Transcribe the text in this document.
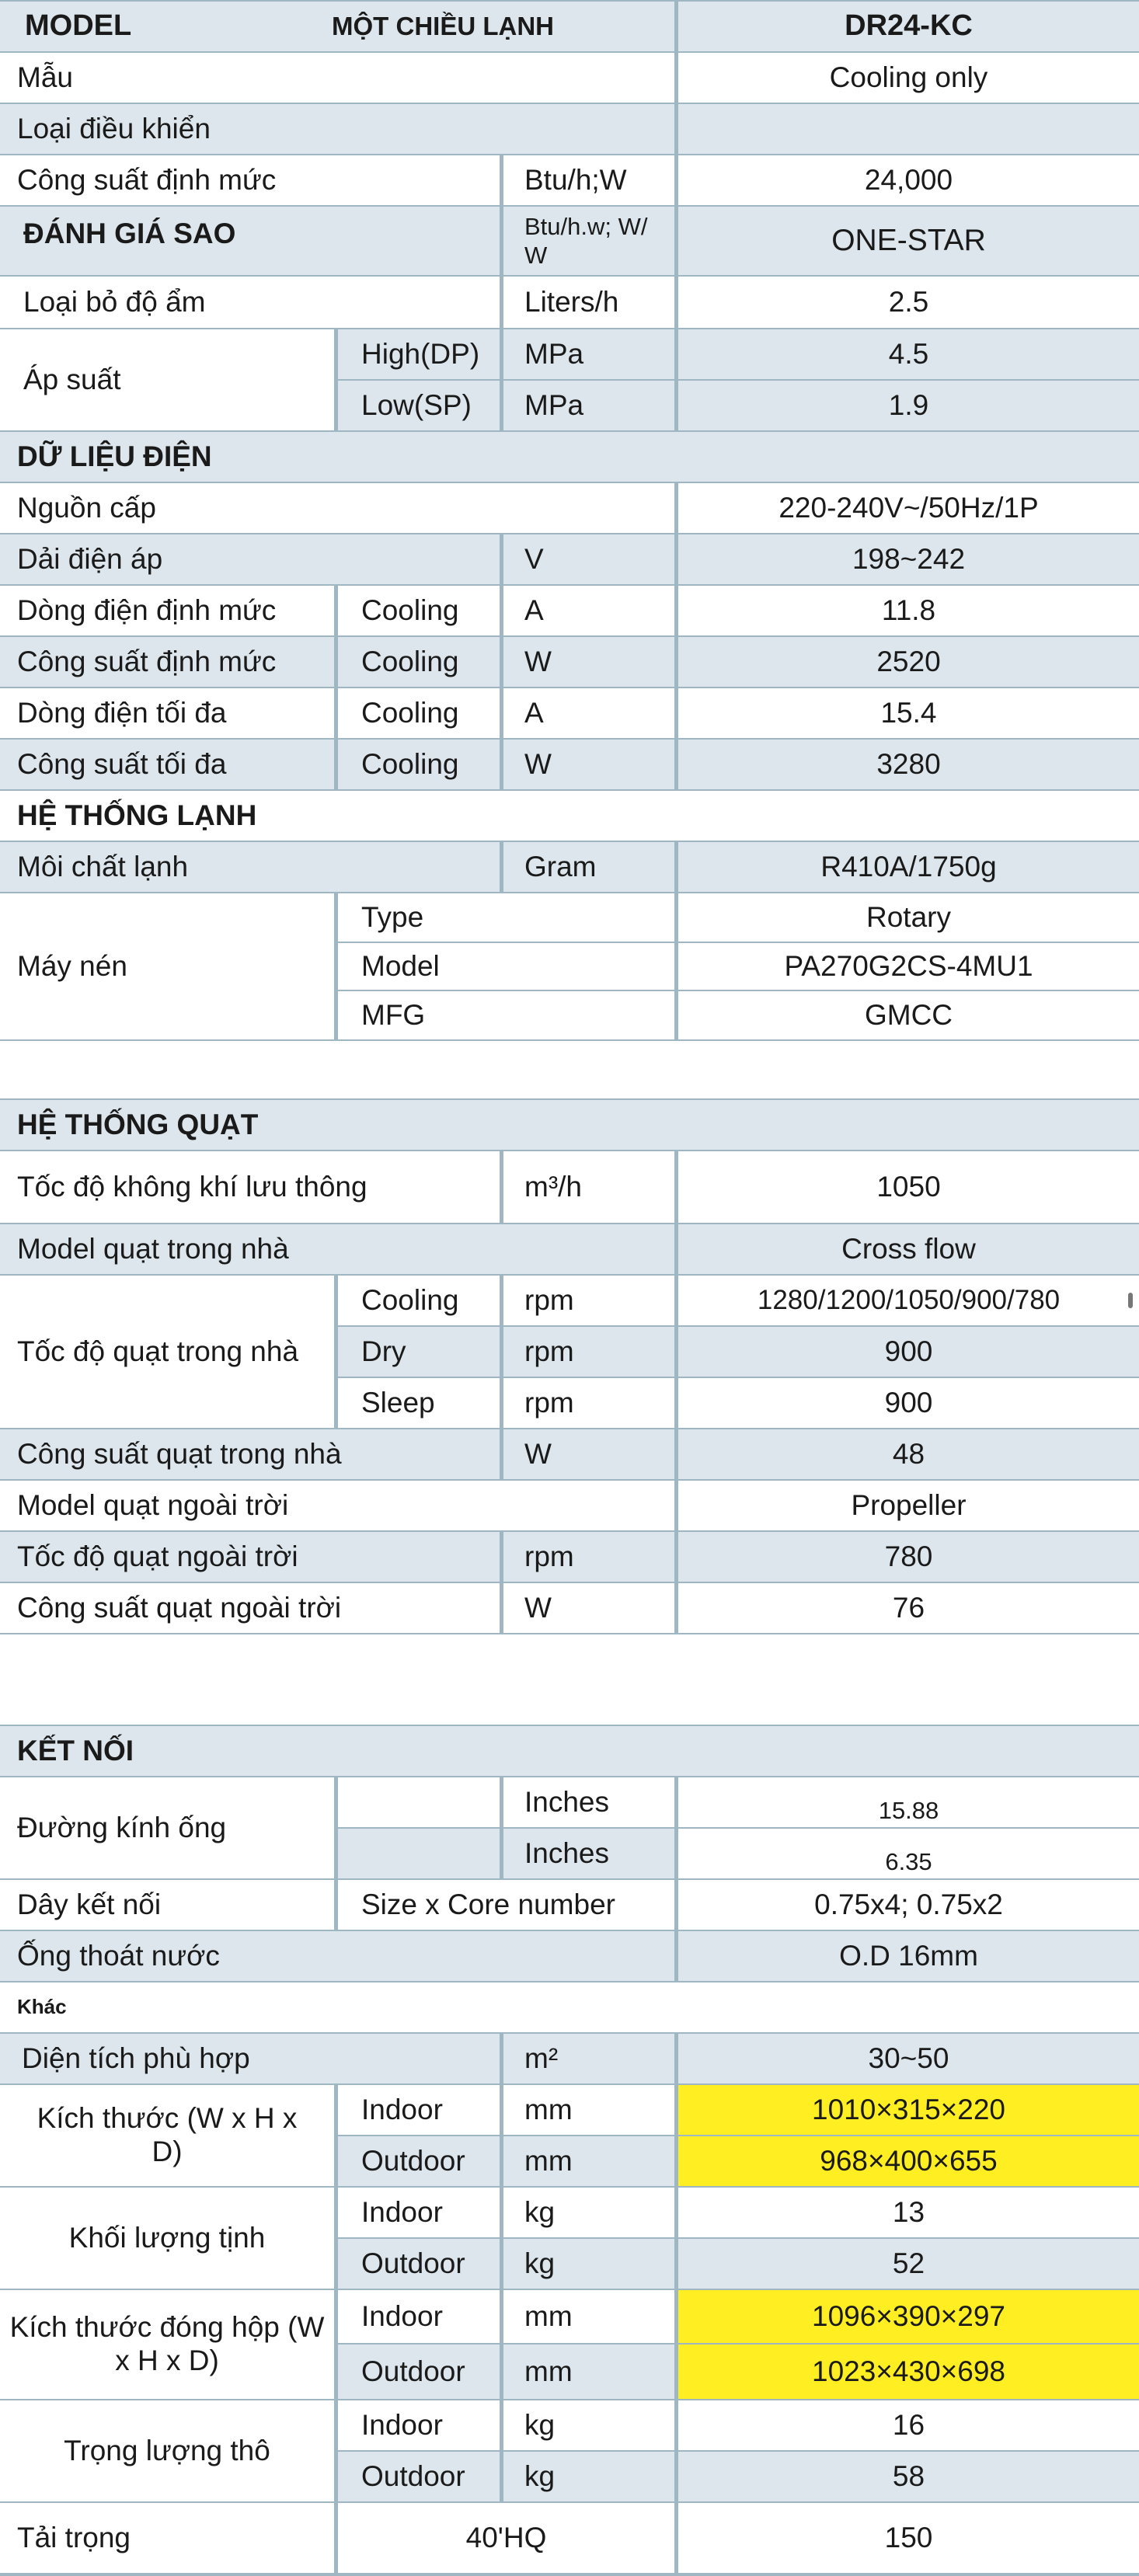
MODEL	MỘT CHIỀU LẠNH	DR24-KC
Mẫu	Cooling only
Loại điều khiển
Công suất định mức	Btu/h;W	24,000
ĐÁNH GIÁ SAO	Btu/h.w; W/ W	ONE-STAR
Loại bỏ độ ẩm	Liters/h	2.5
Áp suất
High(DP)	MPa	4.5
Low(SP)	MPa	1.9
DỮ LIỆU ĐIỆN
Nguồn cấp	220-240V~/50Hz/1P
Dải điện áp	V	198~242
Dòng điện định mức	Cooling	A	11.8
Công suất định mức	Cooling	W	2520
Dòng điện tối đa	Cooling	A	15.4
Công suất tối đa	Cooling	W	3280
HỆ THỐNG LẠNH
Môi chất lạnh	Gram	R410A/1750g
Máy nén
Type	Rotary
Model	PA270G2CS-4MU1
MFG	GMCC
HỆ THỐNG QUẠT
Tốc độ không khí lưu thông	m³/h	1050
Model quạt trong nhà	Cross flow
Tốc độ quạt trong nhà
Cooling	rpm	1280/1200/1050/900/780
Dry	rpm	900
Sleep	rpm	900
Công suất quạt trong nhà	W	48
Model quạt ngoài trời	Propeller
Tốc độ quạt ngoài trời	rpm	780
Công suất quạt ngoài trời	W	76
KẾT NỐI
Đường kính ống
Inches	15.88
Inches	6.35
Dây kết nối	Size x Core number	0.75x4; 0.75x2
Ống thoát nước	O.D 16mm
Khác
Diện tích phù hợp	m²	30~50
Kích thước (W x H x D)
Indoor	mm	1010×315×220
Outdoor	mm	968×400×655
Khối lượng tịnh
Indoor	kg	13
Outdoor	kg	52
Kích thước đóng hộp (W x H x D)
Indoor	mm	1096×390×297
Outdoor	mm	1023×430×698
Trọng lượng thô
Indoor	kg	16
Outdoor	kg	58
Tải trọng	40'HQ	150
